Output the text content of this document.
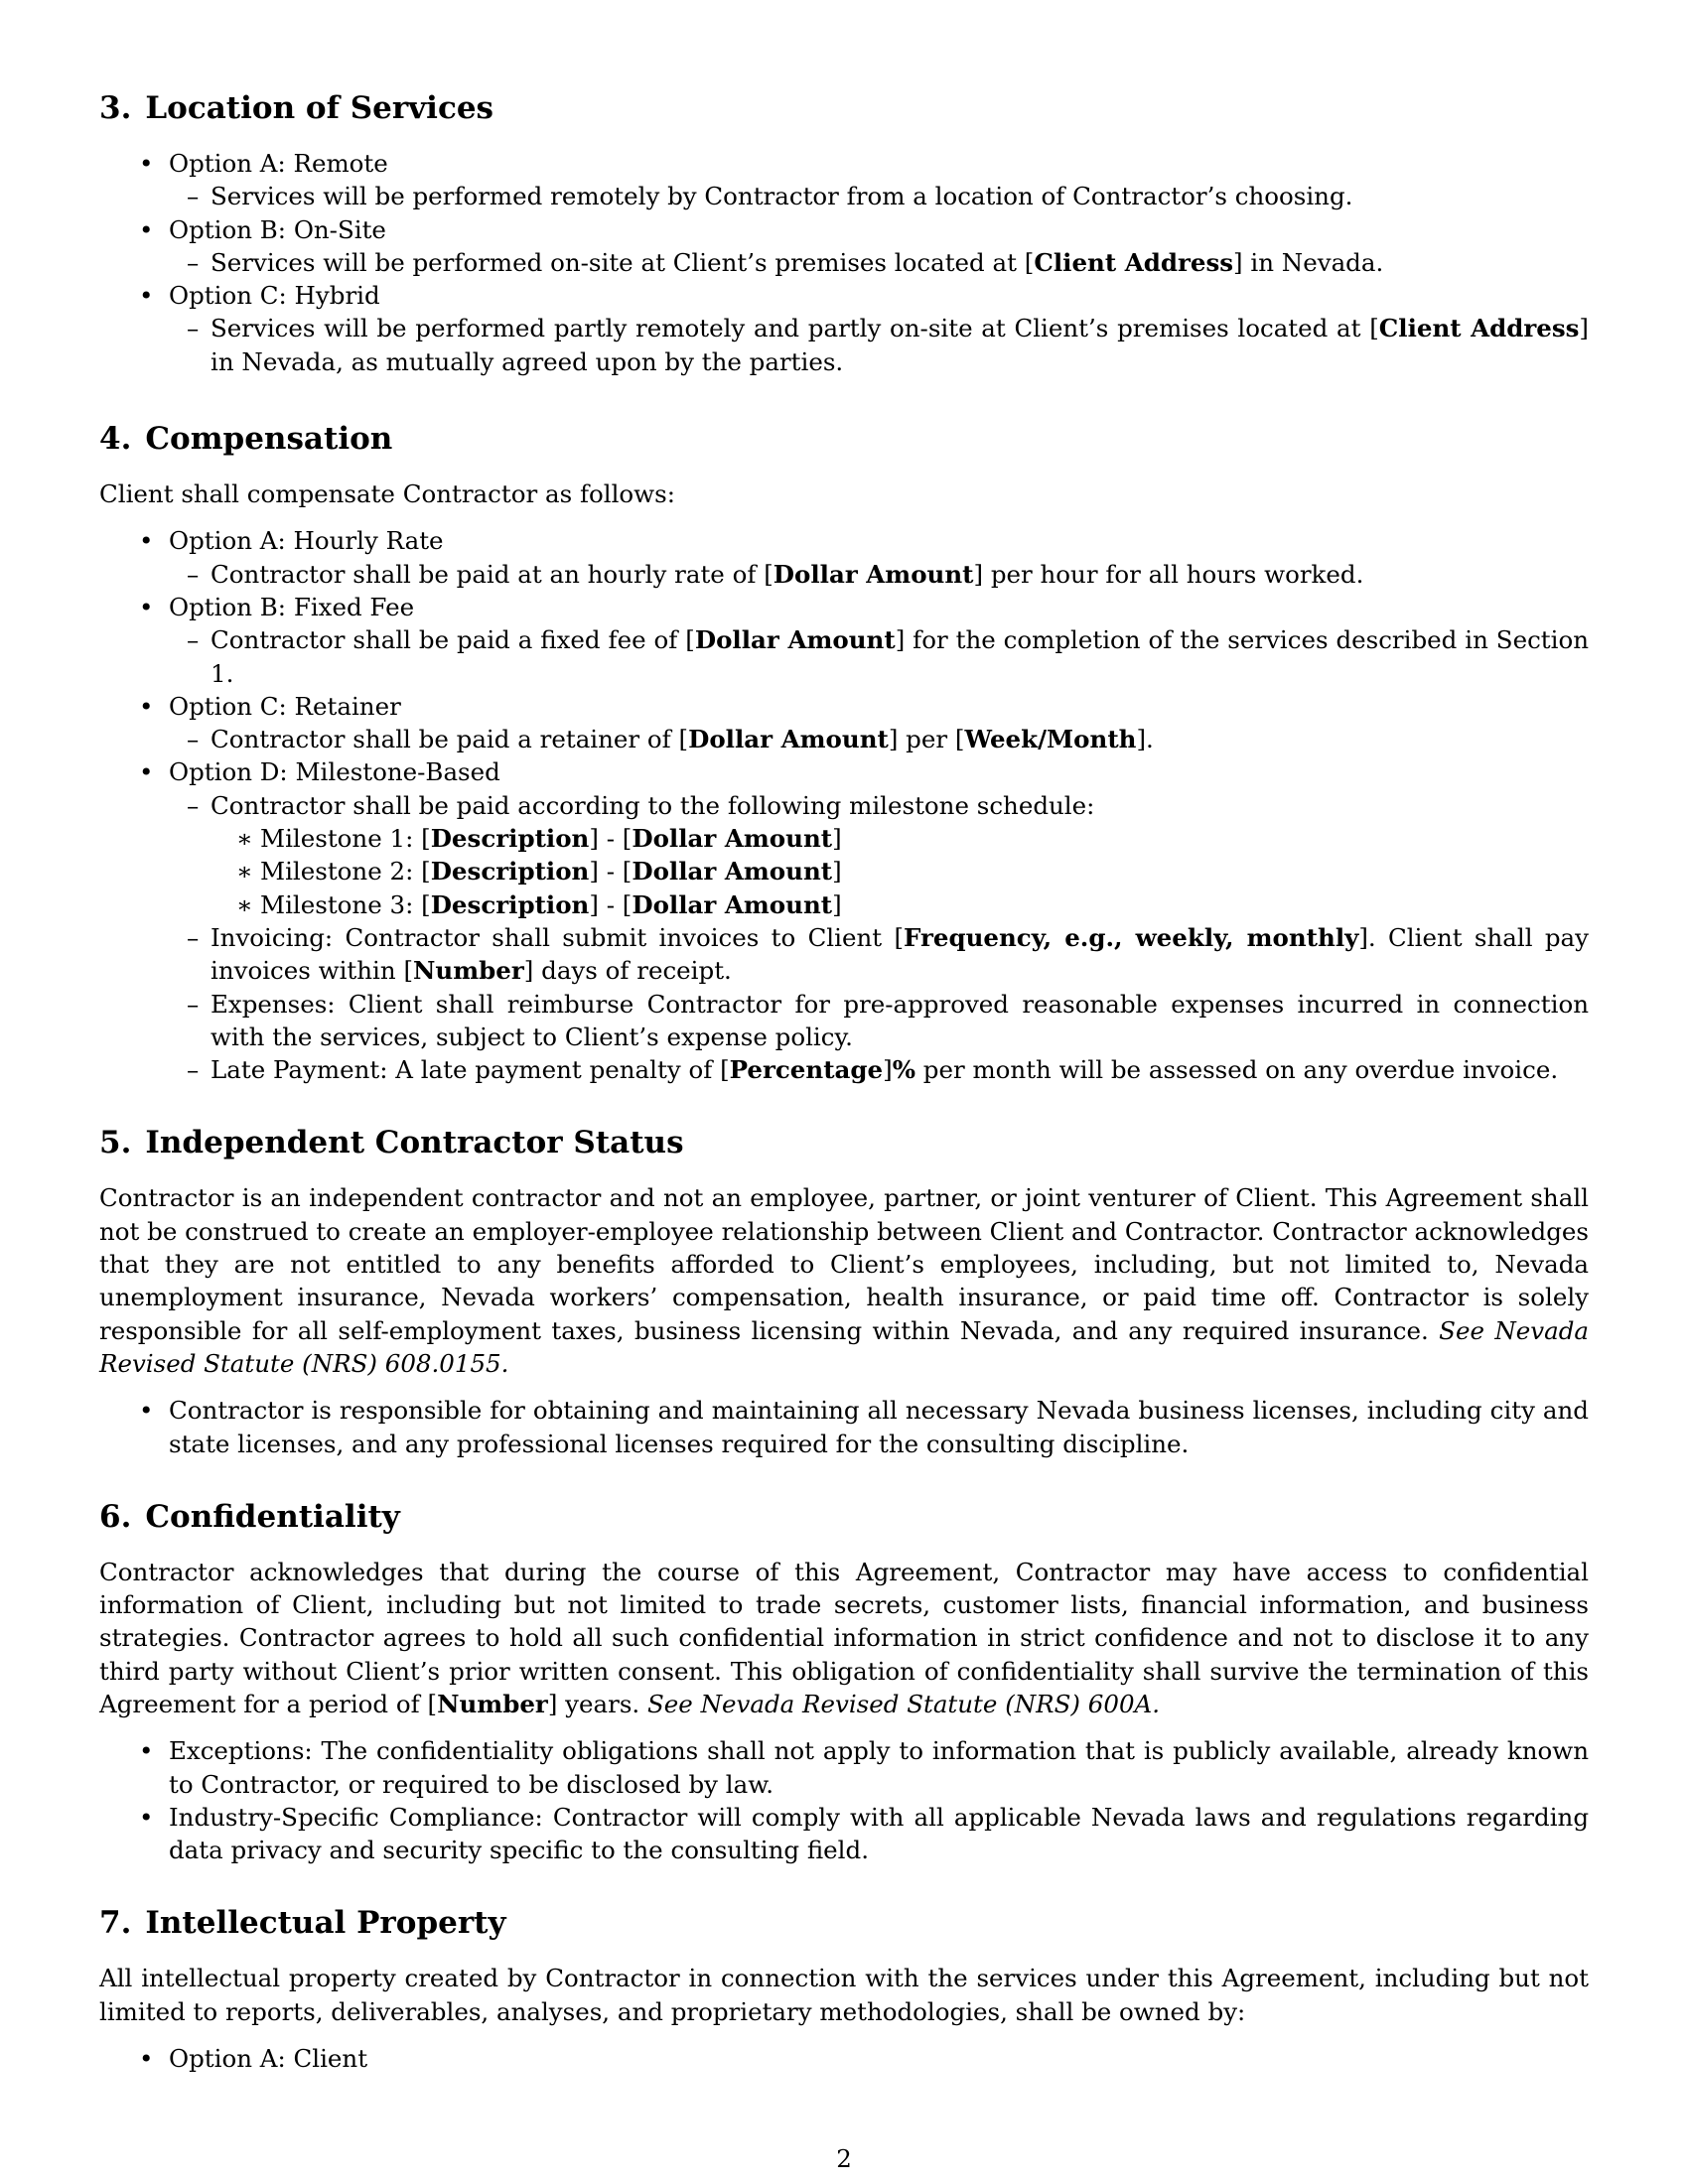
3. Location of Services
• Option A: Remote
– Services will be performed remotely by Contractor from a location of Contractor’s choosing.
• Option B: On-Site
– Services will be performed on-site at Client’s premises located at [Client Address] in Nevada.
• Option C: Hybrid
– Services will be performed partly remotely and partly on-site at Client’s premises located at [Client Address] in Nevada, as mutually agreed upon by the parties.
4. Compensation

Client shall compensate Contractor as follows:

• Option A: Hourly Rate
– Contractor shall be paid at an hourly rate of [Dollar Amount] per hour for all hours worked.
• Option B: Fixed Fee
– Contractor shall be paid a fixed fee of [Dollar Amount] for the completion of the services described in Section 1.
• Option C: Retainer
– Contractor shall be paid a retainer of [Dollar Amount] per [Week/Month].
• Option D: Milestone-Based
– Contractor shall be paid according to the following milestone schedule:
∗ Milestone 1: [Description] - [Dollar Amount]
∗ Milestone 2: [Description] - [Dollar Amount]
∗ Milestone 3: [Description] - [Dollar Amount]
– Invoicing: Contractor shall submit invoices to Client [Frequency, e.g., weekly, monthly]. Client shall pay invoices within [Number] days of receipt.
– Expenses: Client shall reimburse Contractor for pre-approved reasonable expenses incurred in connection with the services, subject to Client’s expense policy.
– Late Payment: A late payment penalty of [Percentage]% per month will be assessed on any overdue invoice.
5. Independent Contractor Status

Contractor is an independent contractor and not an employee, partner, or joint venturer of Client. This Agreement shall not be construed to create an employer-employee relationship between Client and Contractor. Contractor acknowledges that they are not entitled to any benefits afforded to Client’s employees, including, but not limited to, Nevada unemployment insurance, Nevada workers’ compensation, health insurance, or paid time off. Contractor is solely responsible for all self-employment taxes, business licensing within Nevada, and any required insurance. See Nevada Revised Statute (NRS) 608.0155.

• Contractor is responsible for obtaining and maintaining all necessary Nevada business licenses, including city and state licenses, and any professional licenses required for the consulting discipline.
6. Confidentiality

Contractor acknowledges that during the course of this Agreement, Contractor may have access to confidential information of Client, including but not limited to trade secrets, customer lists, financial information, and business strategies. Contractor agrees to hold all such confidential information in strict confidence and not to disclose it to any third party without Client’s prior written consent. This obligation of confidentiality shall survive the termination of this Agreement for a period of [Number] years. See Nevada Revised Statute (NRS) 600A.

• Exceptions: The confidentiality obligations shall not apply to information that is publicly available, already known to Contractor, or required to be disclosed by law.
• Industry-Specific Compliance: Contractor will comply with all applicable Nevada laws and regulations regarding data privacy and security specific to the consulting field.
7. Intellectual Property

All intellectual property created by Contractor in connection with the services under this Agreement, including but not limited to reports, deliverables, analyses, and proprietary methodologies, shall be owned by:

• Option A: Client
2
